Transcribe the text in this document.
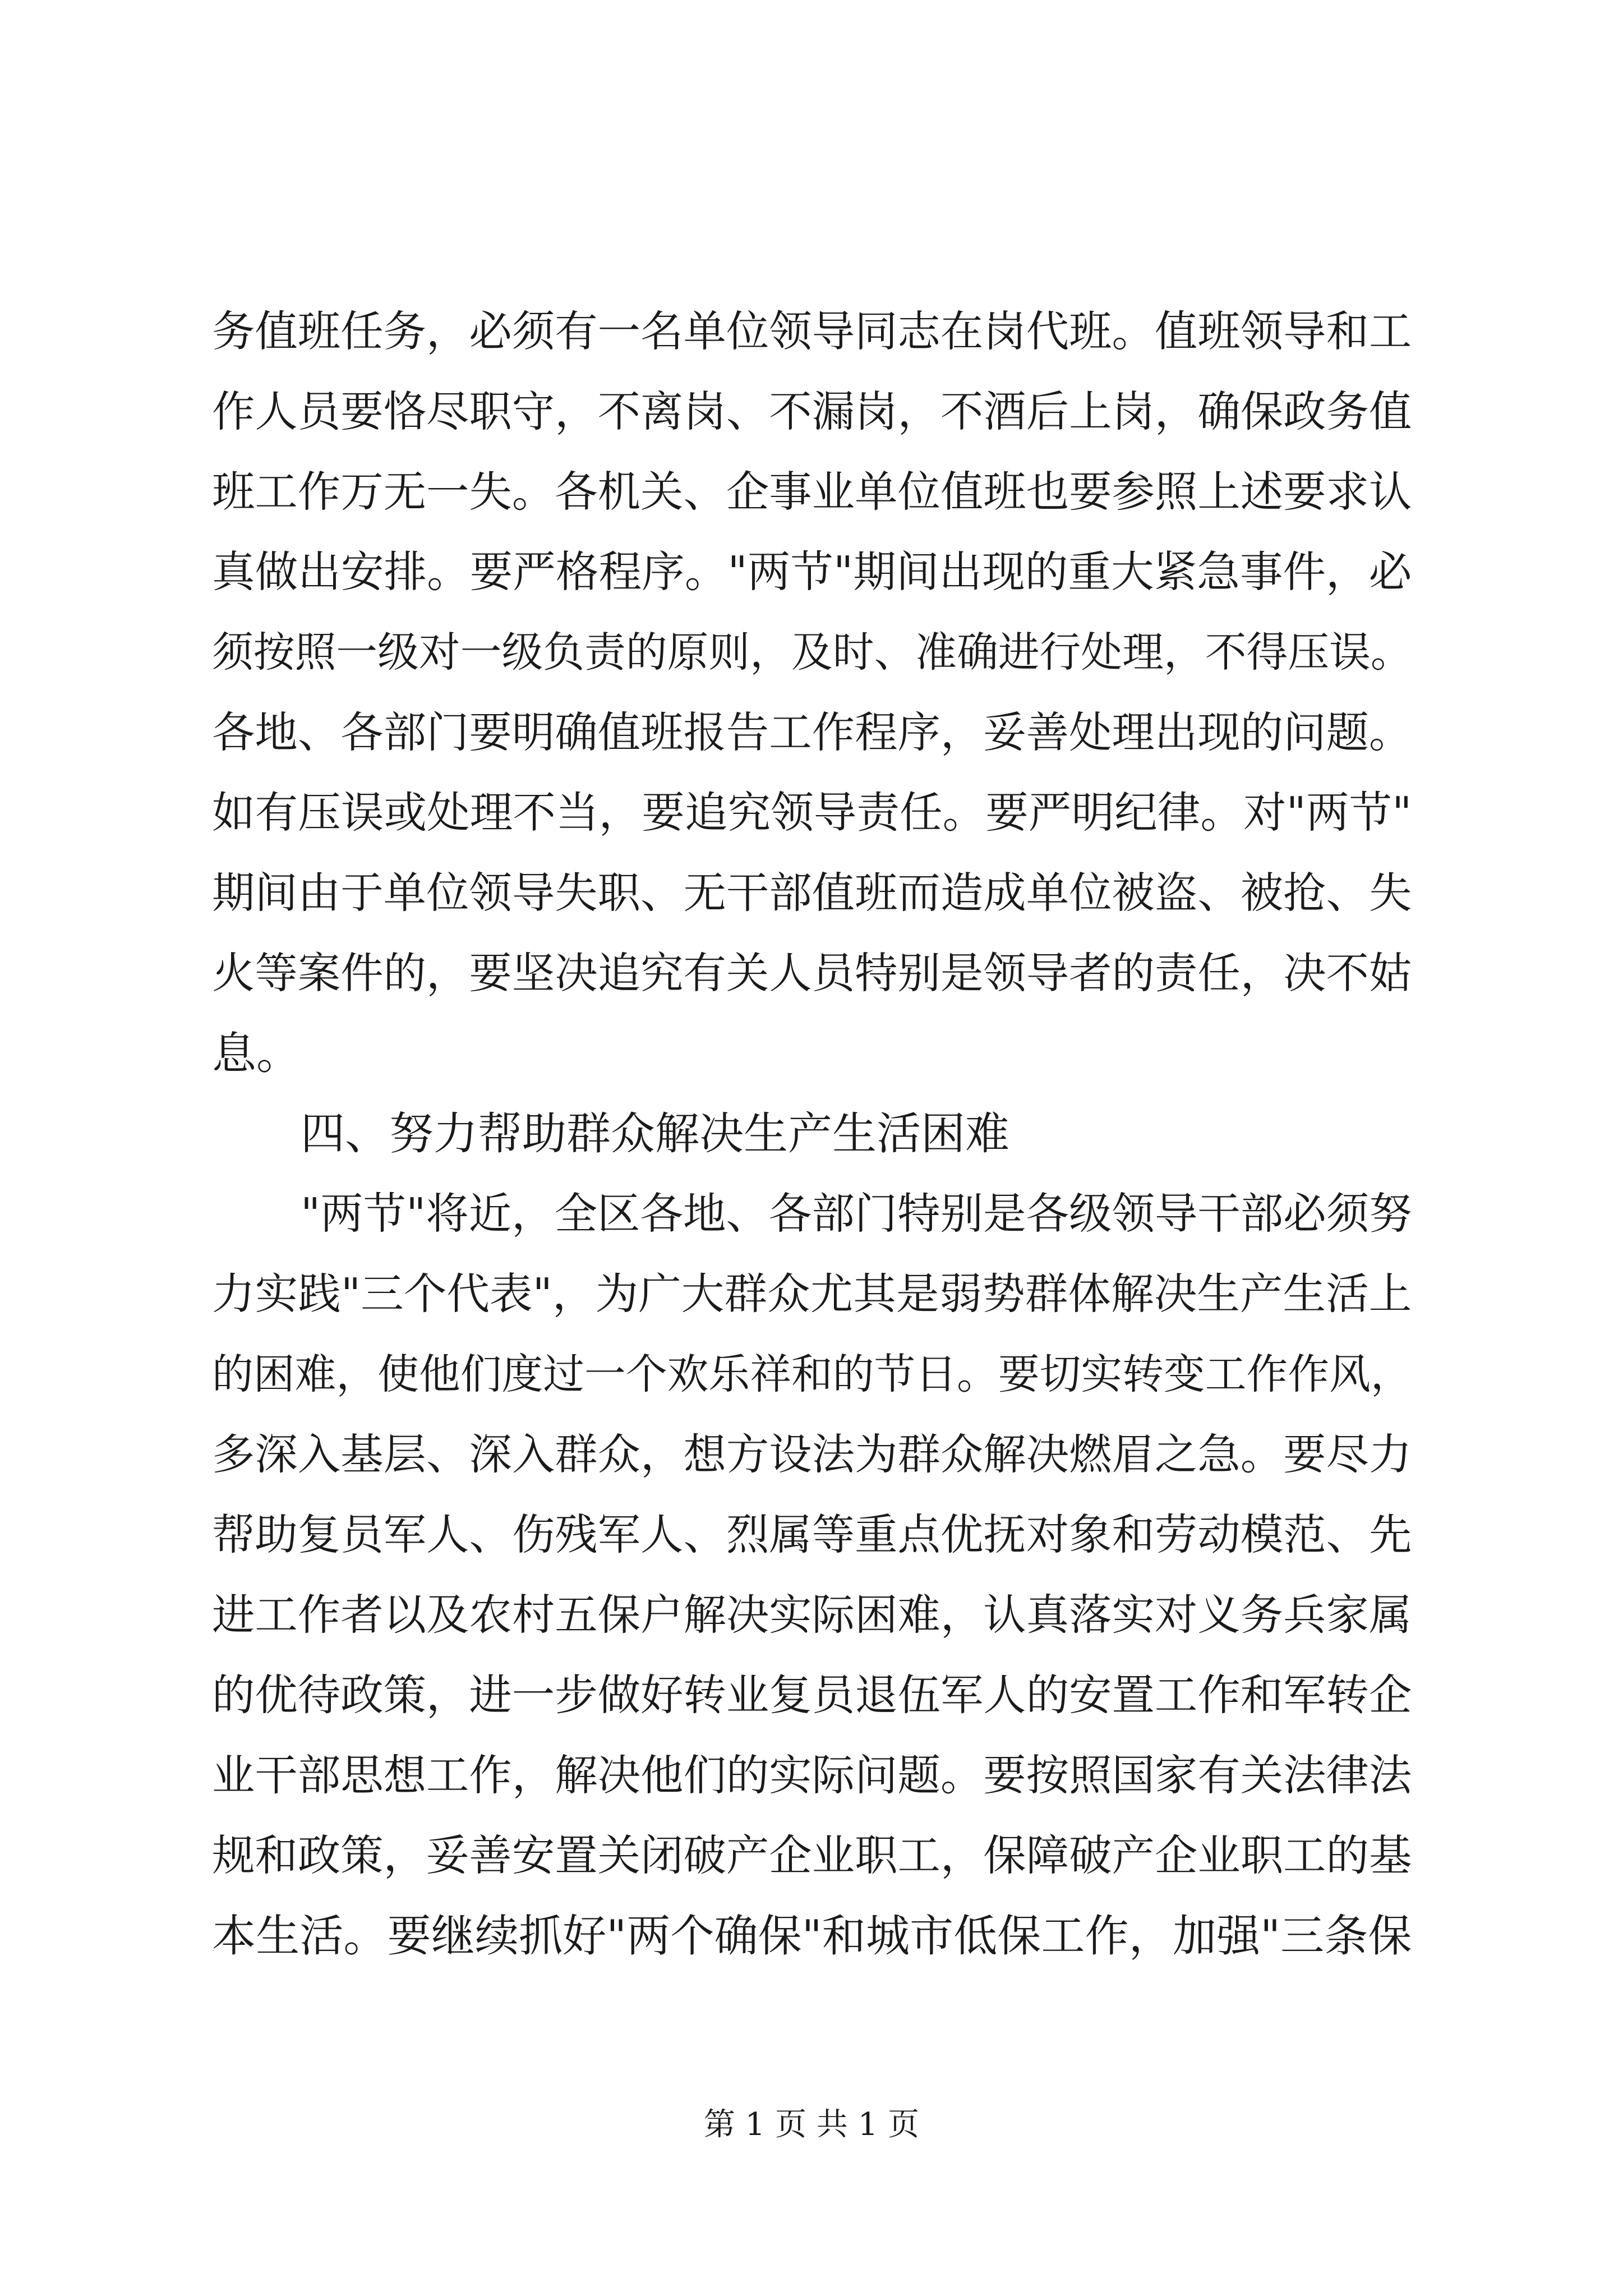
务值班任务，必须有一名单位领导同志在岗代班。值班领导和工
作人员要恪尽职守，不离岗、不漏岗，不酒后上岗，确保政务值
班工作万无一失。各机关、企事业单位值班也要参照上述要求认
真做出安排。要严格程序。"两节"期间出现的重大紧急事件，必
须按照一级对一级负责的原则，及时、准确进行处理，不得压误。
各地、各部门要明确值班报告工作程序，妥善处理出现的问题。
如有压误或处理不当，要追究领导责任。要严明纪律。对"两节"
期间由于单位领导失职、无干部值班而造成单位被盗、被抢、失
火等案件的，要坚决追究有关人员特别是领导者的责任，决不姑
息。
四、努力帮助群众解决生产生活困难
"两节"将近，全区各地、各部门特别是各级领导干部必须努
力实践"三个代表"，为广大群众尤其是弱势群体解决生产生活上
的困难，使他们度过一个欢乐祥和的节日。要切实转变工作作风，
多深入基层、深入群众，想方设法为群众解决燃眉之急。要尽力
帮助复员军人、伤残军人、烈属等重点优抚对象和劳动模范、先
进工作者以及农村五保户解决实际困难，认真落实对义务兵家属
的优待政策，进一步做好转业复员退伍军人的安置工作和军转企
业干部思想工作，解决他们的实际问题。要按照国家有关法律法
规和政策，妥善安置关闭破产企业职工，保障破产企业职工的基
本生活。要继续抓好"两个确保"和城市低保工作，加强"三条保
第 1 页 共 1 页
